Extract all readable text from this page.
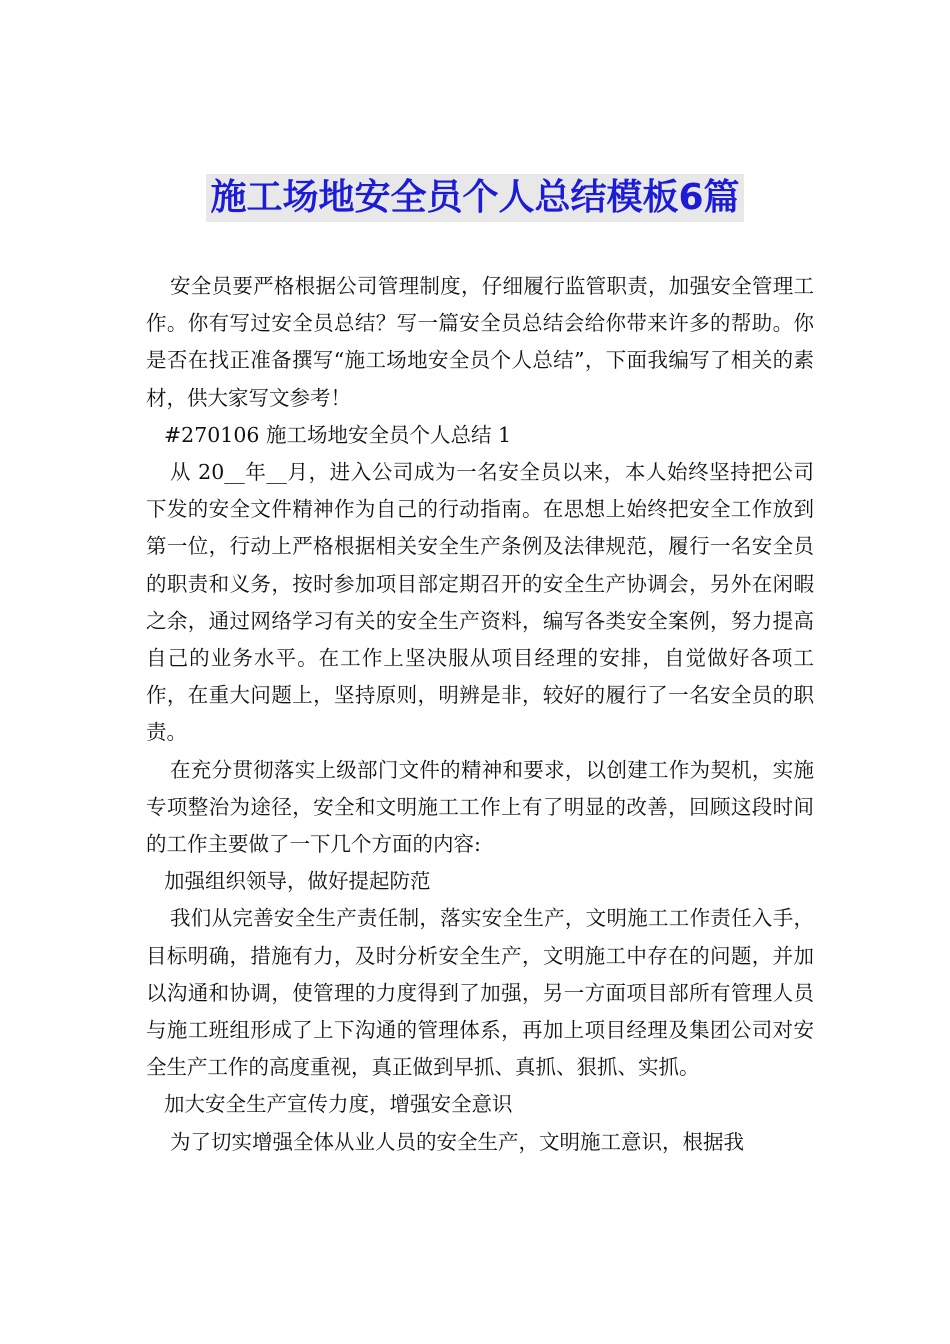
施工场地安全员个人总结模板6篇

安全员要严格根据公司管理制度，仔细履行监管职责，加强安全管理工作。你有写过安全员总结？写一篇安全员总结会给你带来许多的帮助。你是否在找正准备撰写“施工场地安全员个人总结”，下面我编写了相关的素材，供大家写文参考！

#270106 施工场地安全员个人总结 1

从 20__年__月，进入公司成为一名安全员以来，本人始终坚持把公司下发的安全文件精神作为自己的行动指南。在思想上始终把安全工作放到第一位，行动上严格根据相关安全生产条例及法律规范，履行一名安全员的职责和义务，按时参加项目部定期召开的安全生产协调会，另外在闲暇之余，通过网络学习有关的安全生产资料，编写各类安全案例，努力提高自己的业务水平。在工作上坚决服从项目经理的安排，自觉做好各项工作，在重大问题上，坚持原则，明辨是非，较好的履行了一名安全员的职责。

在充分贯彻落实上级部门文件的精神和要求，以创建工作为契机，实施专项整治为途径，安全和文明施工工作上有了明显的改善，回顾这段时间的工作主要做了一下几个方面的内容:

加强组织领导，做好提起防范

我们从完善安全生产责任制，落实安全生产，文明施工工作责任入手，目标明确，措施有力，及时分析安全生产，文明施工中存在的问题，并加以沟通和协调，使管理的力度得到了加强，另一方面项目部所有管理人员与施工班组形成了上下沟通的管理体系，再加上项目经理及集团公司对安全生产工作的高度重视，真正做到早抓、真抓、狠抓、实抓。

加大安全生产宣传力度，增强安全意识

为了切实增强全体从业人员的安全生产，文明施工意识，根据我
